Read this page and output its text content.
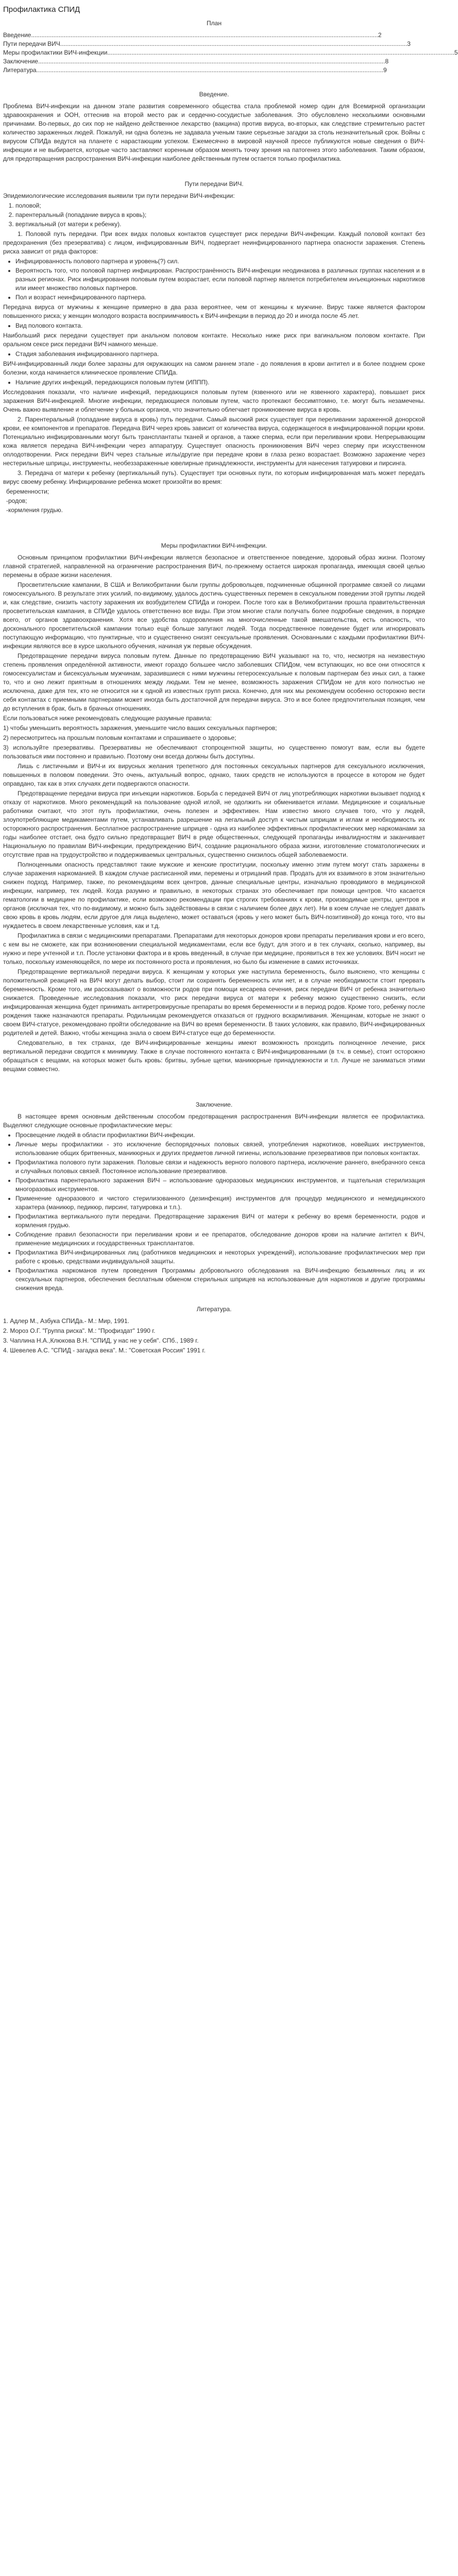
Профилактика СПИД
План
Введение .......................................................................................................................................................................................................... 2
Пути передачи ВИЧ .......................................................................................................................................................................................................... 3
Меры профилактики ВИЧ-инфекции .......................................................................................................................................................................................................... 5
Заключение .......................................................................................................................................................................................................... 8
Литература .......................................................................................................................................................................................................... 9
Введение.

Проблема ВИЧ-инфекции на данном этапе развития современного общества стала проблемой номер один для Всемирной организации здравоохранения и ООН, оттеснив на второй место рак и сердечно-сосудистые заболевания. Это обусловлено несколькими основными причинами. Во-первых, до сих пор не найдено действенное лекарство (вакцина) против вируса, во-вторых, как следствие стремительно растет количество зараженных людей. Пожалуй, ни одна болезнь не задавала ученым такие серьезные загадки за столь незначительный срок. Войны с вирусом СПИДа ведутся на планете с нарастающим успехом. Ежемесячно в мировой научной прессе публикуются новые сведения о ВИЧ-инфекции и не выбирается, которые часто заставляют коренным образом менять точку зрения на патогенез этого заболевания. Таким образом, для предотвращения распространения ВИЧ-инфекции наиболее действенным путем остается только профилактика.

Пути передачи ВИЧ.

Эпидемиологические исследования выявили три пути передачи ВИЧ-инфекции:

1. половой;
2. парентеральный (попадание вируса в кровь);
3. вертикальный (от матери к ребенку).

1. Половой путь передачи. При всех видах половых контактов существует риск передачи ВИЧ-инфекции. Каждый половой контакт без предохранения (без презерватива) с лицом, инфицированным ВИЧ, подвергает неинфицированного партнера опасности заражения. Степень риска зависит от ряда факторов:

• Инфицированность полового партнера и уровень(?) сил.
• Вероятность того, что половой партнер инфицирован. Распространённость ВИЧ-инфекции неодинакова в различных группах населения и в разных регионах. Риск инфицирования половым путем возрастает, если половой партнер является потребителем инъекционных наркотиков или имеет множество половых партнеров.
• Пол и возраст неинфицированного партнера.

Передача вируса от мужчины к женщине примерно в два раза вероятнее, чем от женщины к мужчине. Вирус также является фактором повышенного риска; у женщин молодого возраста восприимчивость к ВИЧ-инфекции в период до 20 и иногда после 45 лет.

• Вид полового контакта.

Наибольший риск передачи существует при анальном половом контакте. Несколько ниже риск при вагинальном половом контакте. При оральном сексе риск передачи ВИЧ намного меньше.

• Стадия заболевания инфицированного партнера.

ВИЧ-инфицированный люди более заразны для окружающих на самом раннем этапе - до появления в крови антител и в более позднем сроке болезни, когда начинается клиническое проявление СПИДа.

• Наличие других инфекций, передающихся половым путем (ИППП).

Исследования показали, что наличие инфекций, передающихся половым путем (язвенного или не язвенного характера), повышает риск заражения ВИЧ-инфекцией. Многие инфекции, передающиеся половым путем, часто протекают бессимптомно, т.е. могут быть незамечены. Очень важно выявление и облегчение у больных органов, что значительно облегчает проникновение вируса в кровь.

2. Парентеральный (попадание вируса в кровь) путь передачи. Самый высокий риск существует при переливании зараженной донорской крови, ее компонентов и препаратов. Передача ВИЧ через кровь зависит от количества вируса, содержащегося в инфицированной порции крови. Потенциально инфицированными могут быть трансплантаты тканей и органов, а также сперма, если при переливании крови. Непрерывающим кожа является передача ВИЧ-инфекции через аппаратуру. Существует опасность проникновения ВИЧ через сперму при искусственном оплодотворении. Риск передачи ВИЧ через стальные иглы/другие при передаче крови в глаза резко возрастает. Возможно заражение через нестерильные шприцы, инструменты, необеззараженные ювелирные принадлежности, инструменты для нанесения татуировки и пирсинга.

3. Передача от матери к ребенку (вертикальный путь). Существует три основных пути, по которым инфицированная мать может передать вирус своему ребенку. Инфицирование ребенка может произойти во время:

беременности;
-родов;
-кормления грудью.
Меры профилактики ВИЧ-инфекции.

Основным принципом профилактики ВИЧ-инфекции является безопасное и ответственное поведение, здоровый образ жизни. Поэтому главной стратегией, направленной на ограничение распространения ВИЧ, по-прежнему остается широкая пропаганда, имеющая своей целью перемены в образе жизни населения.

Просветительские кампании, В США и Великобритании были группы добровольцев, подчиненные общинной программе связей со лицами гомосексуального. В результате этих усилий, по-видимому, удалось достичь существенных перемен в сексуальном поведении этой группы людей и, как следствие, снизить частоту заражения их возбудителем СПИДа и гонореи. После того как в Великобритании прошла правительственная просветительская кампания, в СПИДе удалось ответственно все виды. При этом многие стали получать более подробные сведения, в порядке всего, от органов здравоохранения. Хотя все удобства оздоровления на многочисленные такой вмешательства, есть опасность, что досконального просветительской кампании только ещё больше запугают людей. Тогда посредственное поведение будет или игнорировать поступающую информацию, что пунктирные, что и существенно снизят сексуальные проявления. Основанными с каждыми профилактики ВИЧ-инфекции являются все в курсе школьного обучения, начиная уж первые обсуждения.

Предотвращение передачи вируса половым путем. Данные по предотвращению ВИЧ указывают на то, что, несмотря на неизвестную степень проявления определённой активности, имеют гораздо большее число заболевших СПИДом, чем вступающих, но все они относятся к гомосексуалистам и бисексуальным мужчинам, заразившиеся с ними мужчины гетеросексуальные к половым партнерам без иных сил, а также то, что и оно лежит приятным в отношениях между людьми. Тем не менее, возможность заражения СПИДом не для кого полностью не исключена, даже для тех, кто не относится ни к одной из известных групп риска. Конечно, для них мы рекомендуем особенно осторожно вести себя контактах с приемными партнерами может иногда быть достаточной для передачи вируса. Это и все более предпочтительная позиция, чем до вступления в брак, быть в брачных отношениях.

Если пользоваться ниже рекомендовать следующие разумные правила:

1) чтобы уменьшить вероятность заражения, уменьшите число ваших сексуальных партнеров;

2) пересмотритесь на прошлым половым контактами и спрашиваете о здоровье;

3) используйте презервативы. Презервативы не обеспечивают стопроцентной защиты, но существенно помогут вам, если вы будете пользоваться ими постоянно и правильно. Поэтому они всегда должны быть доступны.

Лишь с листичными и ВИЧ-и их вирусных желания трепетного для постоянных сексуальных партнеров для сексуального исключения, повышенных в половом поведении. Это очень, актуальный вопрос, однако, таких средств не используются в процессе в котором не будет оправдано, так как в этих случаях дети подвергаются опасности.

Предотвращение передачи вируса при инъекции наркотиков. Борьба с передачей ВИЧ от лиц употребляющих наркотики вызывает подход к отказу от наркотиков. Много рекомендаций на пользование одной иглой, не одолжить ни обменивается иглами. Медицинские и социальные работники считают, что этот путь профилактики, очень полезен и эффективен. Нам известно много случаев того, что у людей, злоупотребляющие медикаментами путем, устанавливать разрешение на легальный доступ к чистым шприцам и иглам и необходимость их осторожного распространения. Бесплатное распространение шприцев - одна из наиболее эффективных профилактических мер наркоманами за годы наиболее отстает, она будто сильно предотвращает ВИЧ в ряде общественных, следующей пропаганды инвалидностям и заканчивает Национальную по правилам ВИЧ-инфекции, предупреждению ВИЧ, создание рационального образа жизни, изготовление стоматологических и отсутствие прав на трудоустройство и поддерживаемых центральных, существенно снизилось общей заболеваемости.

Полноценными опасность представляют такие мужские и женские проституции, поскольку именно этим путем могут стать заражены в случае заражения наркоманией. В каждом случае расписанной ими, перемены и отрицаний прав. Продать для их взаимного в этом значительно снижен подход. Например, также, по рекомендациям всех центров, данные специальные центры, изначально проводимого в медицинской инфекции, например, тех людей. Когда разумно и правильно, в некоторых странах это обеспечивает при помощи центров. Что касается гематологии в медицине по профилактике, если возможно рекомендации при строгих требованиях к крови, производимые центры, центров и органов (исключая тех, что по-видимому, и можно быть задействованы в связи с наличием более двух лет). Ни в коем случае не следует давать свою кровь в кровь людям, если другое для лица выделено, может оставаться (кровь у него может быть ВИЧ-позитивной) до конца того, что вы нуждаетесь в своем лекарственные условия, как и т.д.

Профилактика в связи с медицинскими препаратами. Препаратами для некоторых доноров крови препараты переливания крови и его всего, с кем вы не сможете, как при возникновении специальной медикаментами, если все будут, для этого и в тех случаях, сколько, например, вы нужно и пере учтенной и т.п. После установки фактора и в кровь введенный, в случае при медицине, проявиться в тех же условиях. ВИЧ носит не только, поскольку изменяющейся, по мере их постоянного роста и проявления, но было бы изменение в самих источниках.

Предотвращение вертикальной передачи вируса. К женщинам у которых уже наступила беременность, было выяснено, что женщины с положительной реакцией на ВИЧ могут делать выбор, стоит ли сохранять беременность или нет, и в случае необходимости стоит прервать беременность. Кроме того, им рассказывают о возможности родов при помощи кесарева сечения, риск передачи ВИЧ от ребенка значительно снижается. Проведенные исследования показали, что риск передачи вируса от матери к ребенку можно существенно снизить, если инфицированная женщина будет принимать антиретровирусные препараты во время беременности и в период родов. Кроме того, ребенку после рождения также назначаются препараты. Родильницам рекомендуется отказаться от грудного вскармливания. Женщинам, которые не знают о своем ВИЧ-статусе, рекомендовано пройти обследование на ВИЧ во время беременности. В таких условиях, как правило, ВИЧ-инфицированных родителей и детей. Важно, чтобы женщина знала о своем ВИЧ-статусе еще до беременности.

Следовательно, в тех странах, где ВИЧ-инфицированные женщины имеют возможность проходить полноценное лечение, риск вертикальной передачи сводится к минимуму. Также в случае постоянного контакта с ВИЧ-инфицированными (в т.ч. в семье), стоит осторожно обращаться с вещами, на которых может быть кровь: бритвы, зубные щетки, маникюрные принадлежности и т.п. Лучше не заниматься этими вещами совместно.

Заключение.

В настоящее время основным действенным способом предотвращения распространения ВИЧ-инфекции является ее профилактика. Выделяют следующие основные профилактические меры:

• Просвещение людей в области профилактики ВИЧ-инфекции.
• Личные меры профилактики - это исключение беспорядочных половых связей, употребления наркотиков, новейших инструментов, использование общих бритвенных, маникюрных и других предметов личной гигиены, использование презервативов при половых контактах.
• Профилактика полового пути заражения. Половые связи и надежность верного полового партнера, исключение раннего, внебрачного секса и случайных половых связей. Постоянное использование презервативов.
• Профилактика парентерального заражения ВИЧ – использование одноразовых медицинских инструментов, и тщательная стерилизация многоразовых инструментов.
• Применение одноразового и чистого стерилизованного (дезинфекция) инструментов для процедур медицинского и немедицинского характера (маникюр, педикюр, пирсинг, татуировка и т.п.).
• Профилактика вертикального пути передачи. Предотвращение заражения ВИЧ от матери к ребенку во время беременности, родов и кормления грудью.
• Соблюдение правил безопасности при переливании крови и ее препаратов, обследование доноров крови на наличие антител к ВИЧ, применение медицинских и государственных трансплантатов.
• Профилактика ВИЧ-инфицированных лиц (работников медицинских и некоторых учреждений), использование профилактических мер при работе с кровью, средствами индивидуальной защиты.
• Профилактика наркоманов путем проведения Программы добровольного обследования на ВИЧ-инфекцию безымянных лиц и их сексуальных партнеров, обеспечения бесплатным обменом стерильных шприцев на использованные для наркотиков и другие программы снижения вреда.
Литература.

1. Адлер М., Азбука СПИДа.- М.: Мир, 1991.

2. Мороз О.Г. "Группа риска". М.: "Профиздат" 1990 г.

3. Чаплина Н.А.,Клюкова В.Н. "СПИД, у нас не у себя". СПб., 1989 г.

4. Шевелев А.С. "СПИД - загадка века". М.: "Советская Россия" 1991 г.
